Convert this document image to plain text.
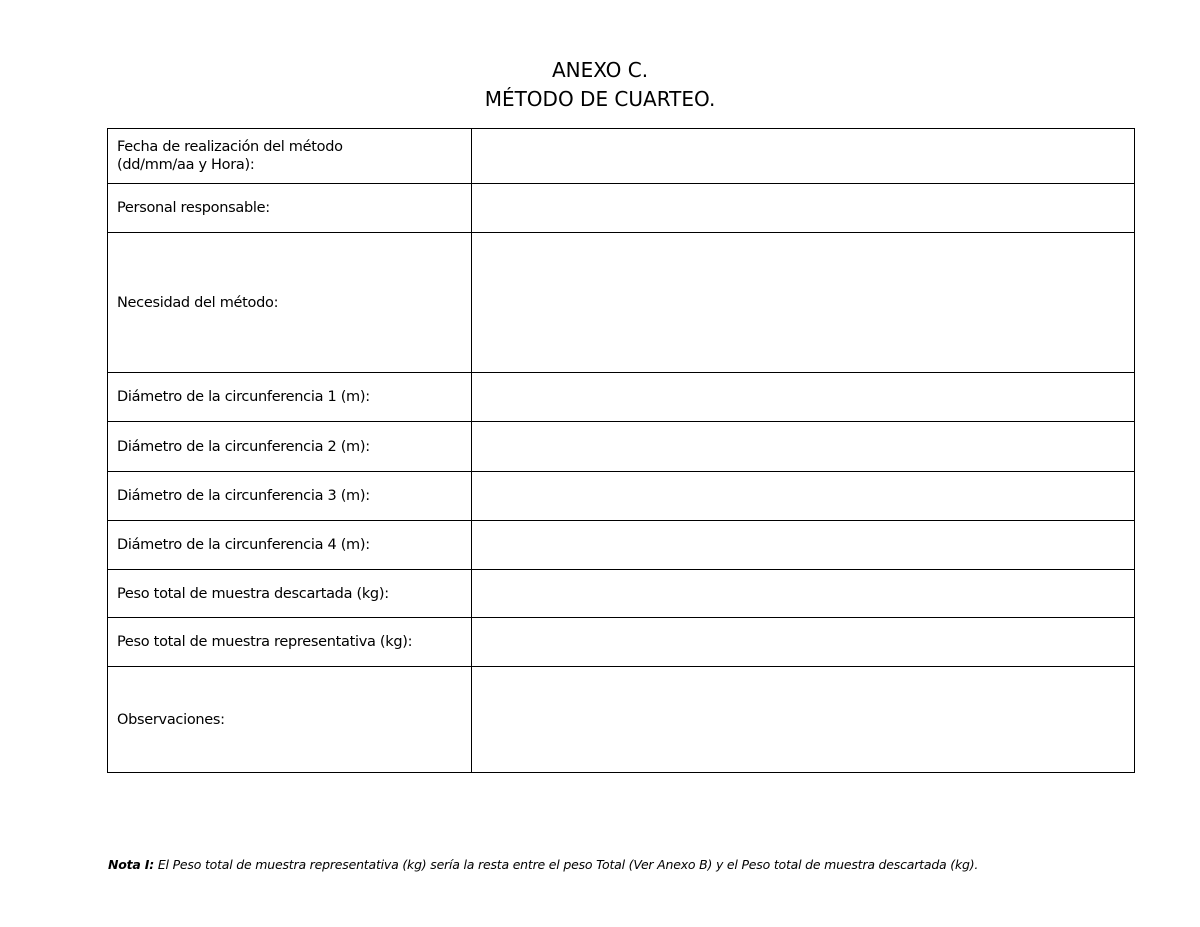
ANEXO C.
MÉTODO DE CUARTEO.
Fecha de realización del método
(dd/mm/aa y Hora):	
Personal responsable:	
Necesidad del método:	
Diámetro de la circunferencia 1 (m):	
Diámetro de la circunferencia 2 (m):	
Diámetro de la circunferencia 3 (m):	
Diámetro de la circunferencia 4 (m):	
Peso total de muestra descartada (kg):	
Peso total de muestra representativa (kg):	
Observaciones:	
Nota I: El Peso total de muestra representativa (kg) sería la resta entre el peso Total (Ver Anexo B) y el Peso total de muestra descartada (kg).
